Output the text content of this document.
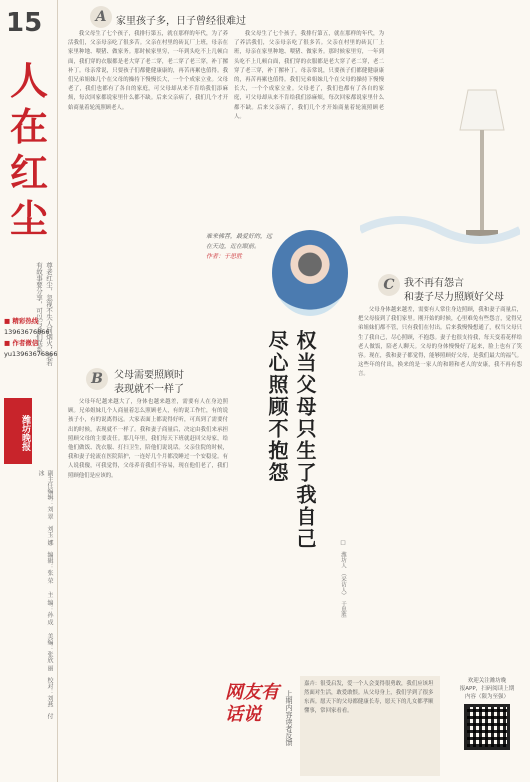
15
人在红尘
尊老红尘，忽视不失人间烟火，忽若有故事要分享，可以与我们联系。
■ 精彩热线
13963676866
■ 作者微信
yu13963676866
潍坊晚报
副主任编辑：刘 翠　刘玉 娜　编辑：张 荣 　主 编：孙 成 　美编：张欣 丽　校对：刘燕　付 冰
A 家里孩子多，日子曾经很难过

我父母生了七个孩子，我排行第五，就在那样的年代，为了养活我们，父亲母亲吃了很多苦。父亲在村里的砖瓦厂上班，母亲在家里种地、喂猪、做家务。那时候家里穷，一年到头吃不上几顿白面，我们穿的衣服都是老大穿了老二穿，老二穿了老三穿，补丁摞补丁。母亲常说，只要孩子们都健健康康的，再苦再累也值得。我们兄弟姐妹几个在父母的操持下慢慢长大，一个个成家立业。父母老了，我们也都有了各自的家庭，可父母却从来不肯给我们添麻烦，每次回家都说家里什么都不缺。后来父亲病了，我们几个才开始商量着轮流照顾老人。

我父母生了七个孩子，我排行第五，就在那样的年代，为了养活我们，父亲母亲吃了很多苦。父亲在村里的砖瓦厂上班，母亲在家里种地、喂猪、做家务。那时候家里穷，一年到头吃不上几顿白面，我们穿的衣服都是老大穿了老二穿，老二穿了老三穿，补丁摞补丁。母亲常说，只要孩子们都健健康康的，再苦再累也值得。我们兄弟姐妹几个在父母的操持下慢慢长大，一个个成家立业。父母老了，我们也都有了各自的家庭，可父母却从来不肯给我们添麻烦，每次回家都说家里什么都不缺。后来父亲病了，我们几个才开始商量着轮流照顾老人。

难来佛菩，最爱好的，远在天边，近在眼前。
作者：于思胜
B	父母需要照顾时
表现就不一样了

父母年纪越来越大了，身体也越来越差，需要有人在身边照顾。兄弟姐妹几个人商量着怎么照顾老人，有的说工作忙，有的说孩子小，有的说离得远。大家表面上都说得好听，可真到了需要付出的时候，表现就不一样了。我和妻子商量后，决定由我们来承担照顾父母的主要责任。那几年里，我们每天下班就赶回父母家，给他们做饭、洗衣服、打扫卫生，陪他们说说话。父亲住院的时候，我和妻子轮流在医院陪护，一连好几个月都没睡过一个安稳觉。有人说我傻，可我觉得，父母养育我们不容易，现在他们老了，我们照顾他们是应该的。	权当父母只生了我自己
尽心照顾不抱怨
□　潍坊人　（采访人）　于思胜
C 我不再有怨言
和妻子尽力照顾好父母

父母身体越来越差，需要有人常住身边照顾，我和妻子商量后，把父母接到了我们家里。刚开始的时候，心里难免有些怨言，觉得兄弟姐妹们都不管，只有我们在付出。后来我慢慢想通了，权当父母只生了我自己，尽心照顾，不抱怨。妻子也很支持我，每天变着花样给老人做饭，陪老人聊天。父母的身体慢慢好了起来，脸上也有了笑容。现在，我和妻子都觉得，能够照顾好父母，是我们最大的福气。这些年的付出，换来的是一家人的和睦和老人的安康，我不再有怨言。

网友有话说	上期内容读者反馈
嘉卉：很受启发，爱一个人会变得很勇敢，我们应该坦然面对生活，敢爱敢恨。从父母身上，我们学到了很多东西。愿天下的父母都健康长寿，愿天下的儿女都孝顺懂事，常回家看看。
欢迎关注潍坊晚
报APP，扫码阅读上期
内容（限为至强）
